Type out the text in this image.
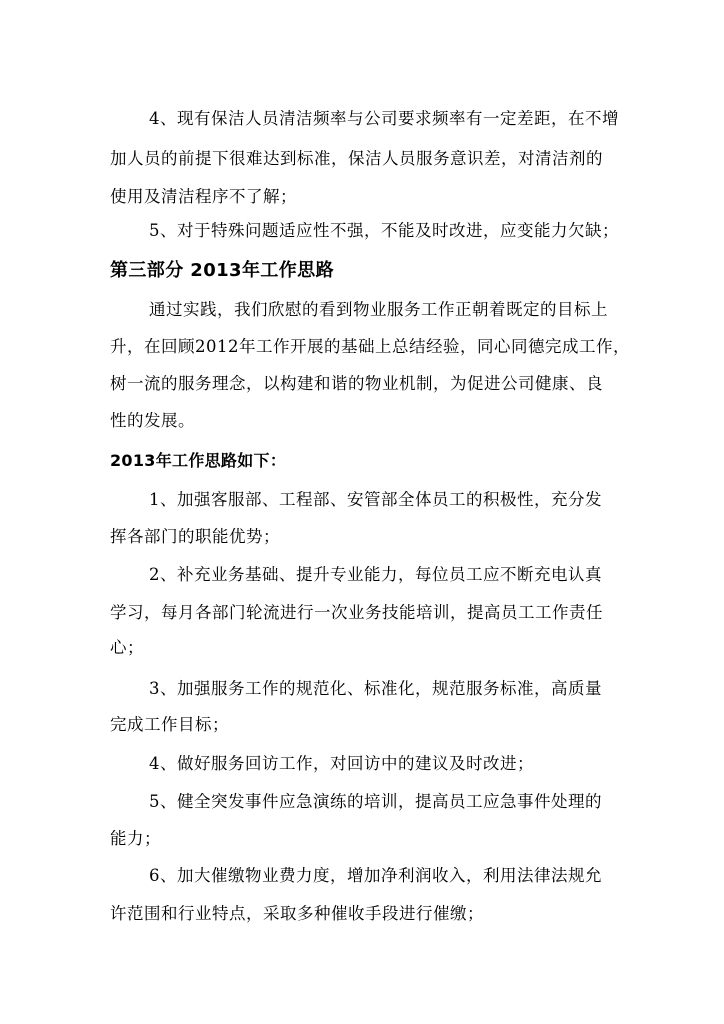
4、现有保洁人员清洁频率与公司要求频率有一定差距，在不增
加人员的前提下很难达到标准，保洁人员服务意识差，对清洁剂的
使用及清洁程序不了解；
5、对于特殊问题适应性不强，不能及时改进，应变能力欠缺；
第三部分 2013年工作思路
通过实践，我们欣慰的看到物业服务工作正朝着既定的目标上
升，在回顾2012年工作开展的基础上总结经验，同心同德完成工作，
树一流的服务理念，以构建和谐的物业机制，为促进公司健康、良
性的发展。
2013年工作思路如下：
1、加强客服部、工程部、安管部全体员工的积极性，充分发
挥各部门的职能优势；
2、补充业务基础、提升专业能力，每位员工应不断充电认真
学习，每月各部门轮流进行一次业务技能培训，提高员工工作责任
心；
3、加强服务工作的规范化、标准化，规范服务标准，高质量
完成工作目标；
4、做好服务回访工作，对回访中的建议及时改进；
5、健全突发事件应急演练的培训，提高员工应急事件处理的
能力；
6、加大催缴物业费力度，增加净利润收入，利用法律法规允
许范围和行业特点，采取多种催收手段进行催缴；
